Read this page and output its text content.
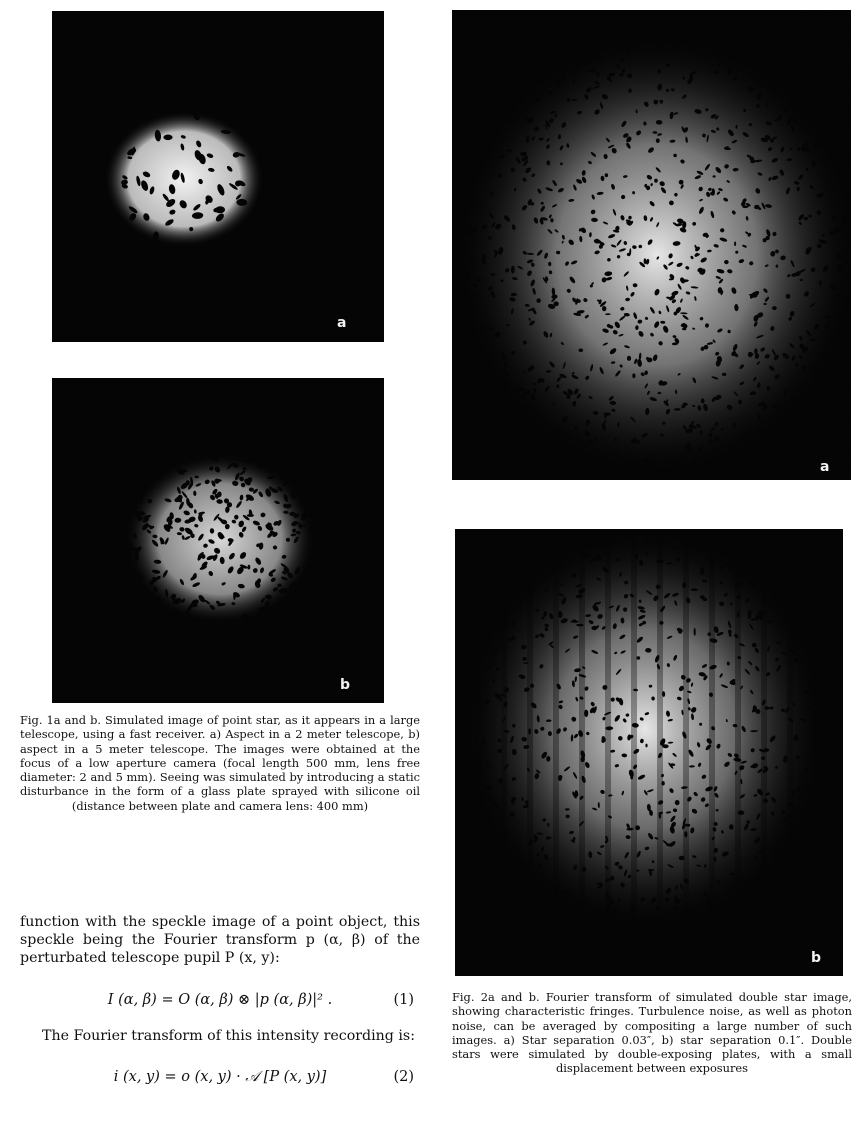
a
b
a
b
Fig. 1a and b. Simulated image of point star, as it appears in a large telescope, using a fast receiver. a) Aspect in a 2 meter telescope, b) aspect in a 5 meter telescope. The images were obtained at the focus of a low aperture camera (focal length 500 mm, lens free diameter: 2 and 5 mm). Seeing was simulated by introducing a static disturbance in the form of a glass plate sprayed with silicone oil (distance between plate and camera lens: 400 mm)
Fig. 2a and b. Fourier transform of simulated double star image, showing characteristic fringes. Turbulence noise, as well as photon noise, can be averaged by compositing a large number of such images. a) Star separation 0.03″, b) star separation 0.1″. Double stars were simulated by double-exposing plates, with a small displacement between exposures
function with the speckle image of a point object, this speckle being the Fourier transform p (α, β) of the perturbated telescope pupil P (x, y):
I (α, β) = O (α, β) ⊗ |p (α, β)|² .	(1)
The Fourier transform of this intensity recording is:
i (x, y) = o (x, y) · 𝒜 [P (x, y)]	(2)
